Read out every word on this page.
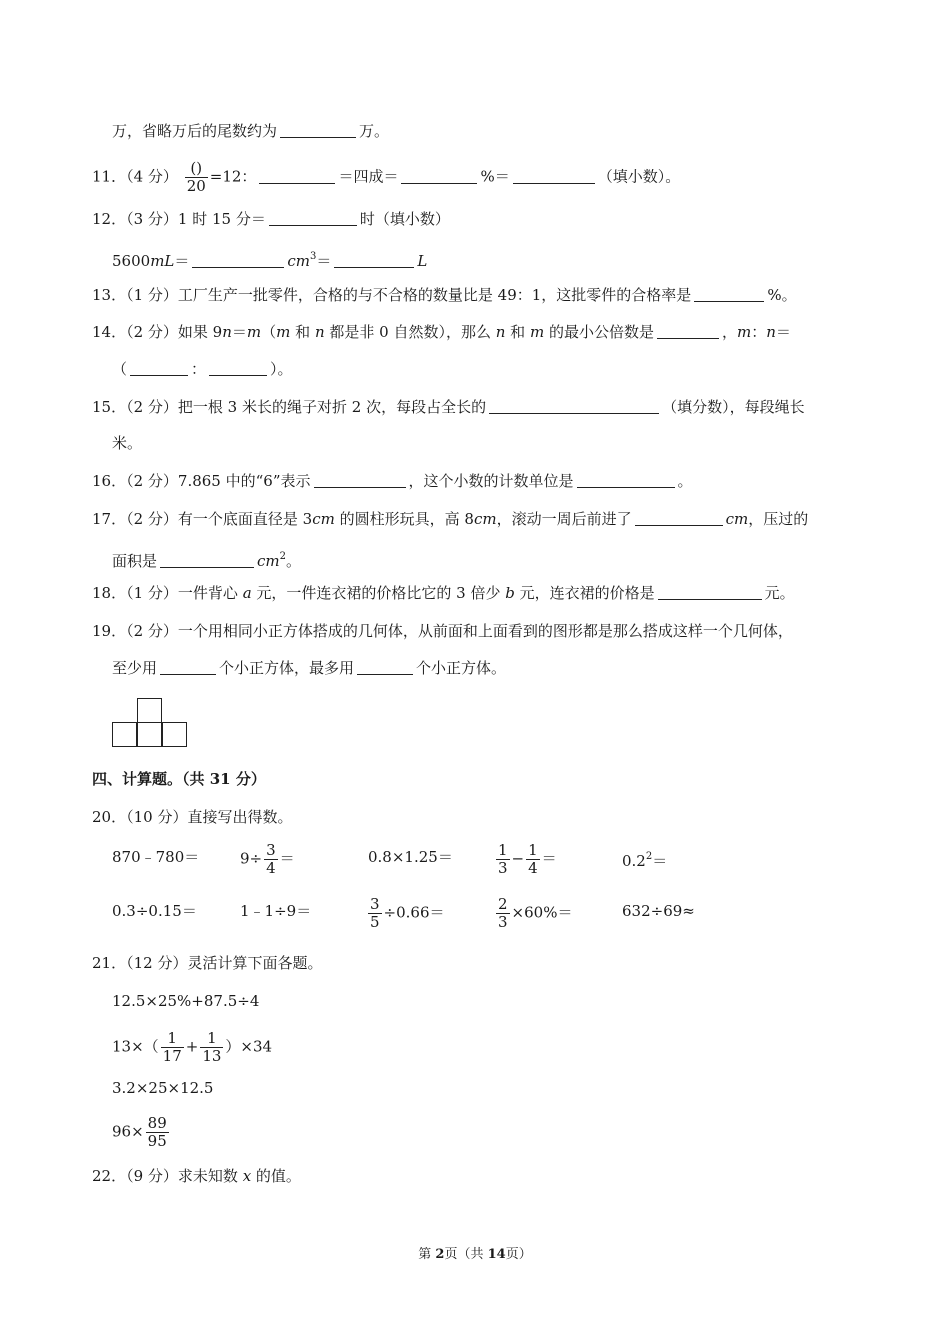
万，省略万后的尾数约为	万。
11．（4 分） $\frac{()}{20} =12$：	＝四成＝	%＝	（填小数）。
12．（3 分）1 时 15 分＝	时（填小数）
5600mL＝	$cm^3=$	L
13．（1 分）工厂生产一批零件，合格的与不合格的数量比是 49：1，这批零件的合格率是	%。
14．（2 分）如果 9n＝m（m 和 n 都是非 0 自然数），那么 n 和 m 的最小公倍数是	，m：n＝
（	：	）。
15．（2 分）把一根 3 米长的绳子对折 2 次，每段占全长的	（填分数），每段绳长
米。
16．（2 分）7.865 中的“6”表示	，这个小数的计数单位是	。
17．（2 分）有一个底面直径是 3cm 的圆柱形玩具，高 8cm，滚动一周后前进了	cm，压过的
面积是	$cm^2$。
18．（1 分）一件背心 a 元，一件连衣裙的价格比它的 3 倍少 b 元，连衣裙的价格是	元。
19．（2 分）一个用相同小正方体搭成的几何体，从前面和上面看到的图形都是那么搭成这样一个几何体，
至少用	个小正方体，最多用	个小正方体。
四、计算题。（共 31 分）
20．（10 分）直接写出得数。
870﹣780＝	$9\div \frac{3}{4}$ ＝	0.8×1.25＝	$\frac{1}{3} - \frac{1}{4}$ ＝	$0.2^2=$
0.3÷0.15＝	1﹣1÷9＝	$\frac{3}{5} \div 0.66=$	$\frac{2}{3} \times 60\%=$	632÷69≈
21．（12 分）灵活计算下面各题。
12.5×25%+87.5÷4
$13\times( \frac{1}{17} + \frac{1}{13} )\times 34$
3.2×25×12.5
$96\times \frac{89}{95}$
22．（9 分）求未知数 x 的值。
第 2页（共 14页）
